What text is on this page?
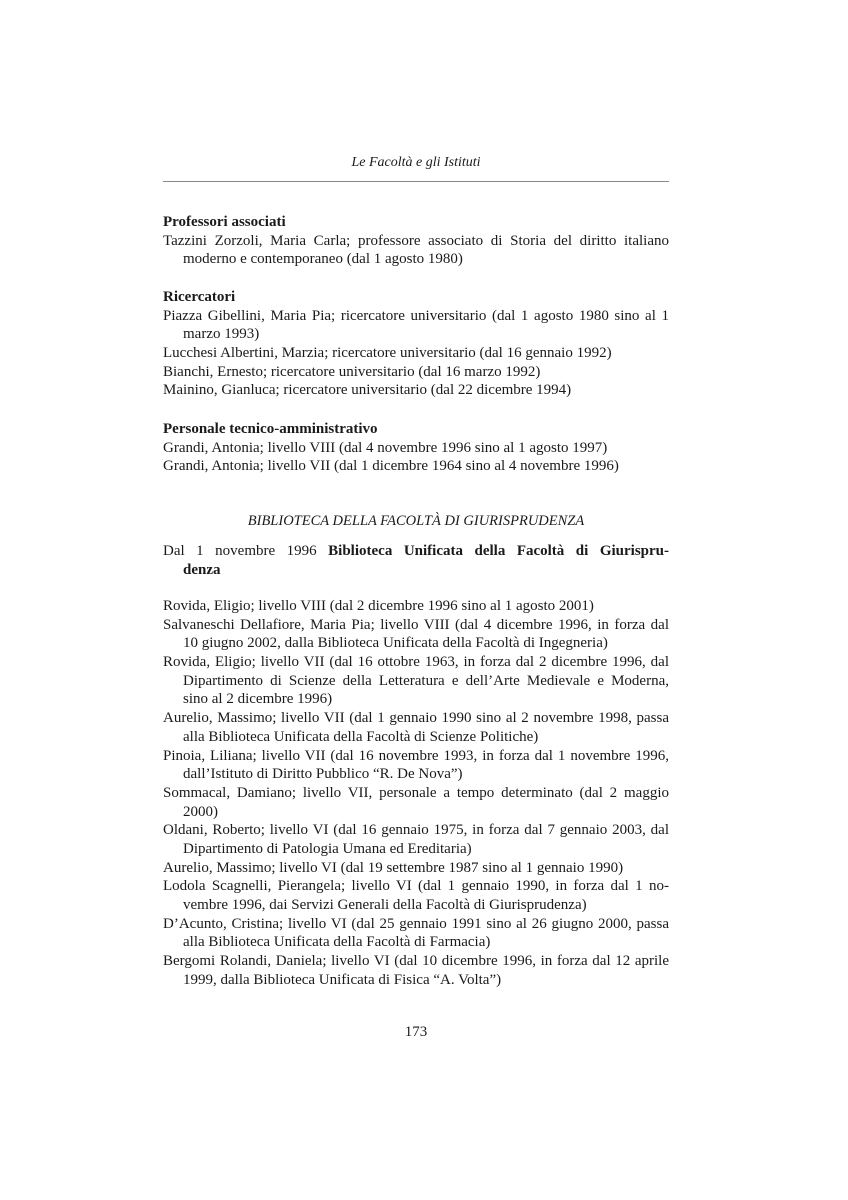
Le Facoltà e gli Istituti
Professori associati
Tazzini Zorzoli, Maria Carla; professore associato di Storia del diritto italiano
moderno e contemporaneo (dal 1 agosto 1980)
Ricercatori
Piazza Gibellini, Maria Pia; ricercatore universitario (dal 1 agosto 1980 sino al 1
marzo 1993)
Lucchesi Albertini, Marzia; ricercatore universitario (dal 16 gennaio 1992)
Bianchi, Ernesto; ricercatore universitario (dal 16 marzo 1992)
Mainino, Gianluca; ricercatore universitario (dal 22 dicembre 1994)
Personale tecnico-amministrativo
Grandi, Antonia; livello VIII (dal 4 novembre 1996 sino al 1 agosto 1997)
Grandi, Antonia; livello VII (dal 1 dicembre 1964 sino al 4 novembre 1996)
BIBLIOTECA DELLA FACOLTÀ DI GIURISPRUDENZA
Dal 1 novembre 1996 Biblioteca Unificata della Facoltà di Giurispru-
denza
Rovida, Eligio; livello VIII (dal 2 dicembre 1996 sino al 1 agosto 2001)
Salvaneschi Dellafiore, Maria Pia; livello VIII (dal 4 dicembre 1996, in forza dal
10 giugno 2002, dalla Biblioteca Unificata della Facoltà di Ingegneria)
Rovida, Eligio; livello VII (dal 16 ottobre 1963, in forza dal 2 dicembre 1996, dal
Dipartimento di Scienze della Letteratura e dell’Arte Medievale e Moderna,
sino al 2 dicembre 1996)
Aurelio, Massimo; livello VII (dal 1 gennaio 1990 sino al 2 novembre 1998, passa
alla Biblioteca Unificata della Facoltà di Scienze Politiche)
Pinoia, Liliana; livello VII (dal 16 novembre 1993, in forza dal 1 novembre 1996,
dall’Istituto di Diritto Pubblico “R. De Nova”)
Sommacal, Damiano; livello VII, personale a tempo determinato (dal 2 maggio
2000)
Oldani, Roberto; livello VI (dal 16 gennaio 1975, in forza dal 7 gennaio 2003, dal
Dipartimento di Patologia Umana ed Ereditaria)
Aurelio, Massimo; livello VI (dal 19 settembre 1987 sino al 1 gennaio 1990)
Lodola Scagnelli, Pierangela; livello VI (dal 1 gennaio 1990, in forza dal 1 no-
vembre 1996, dai Servizi Generali della Facoltà di Giurisprudenza)
D’Acunto, Cristina; livello VI (dal 25 gennaio 1991 sino al 26 giugno 2000, passa
alla Biblioteca Unificata della Facoltà di Farmacia)
Bergomi Rolandi, Daniela; livello VI (dal 10 dicembre 1996, in forza dal 12 aprile
1999, dalla Biblioteca Unificata di Fisica “A. Volta”)
173
